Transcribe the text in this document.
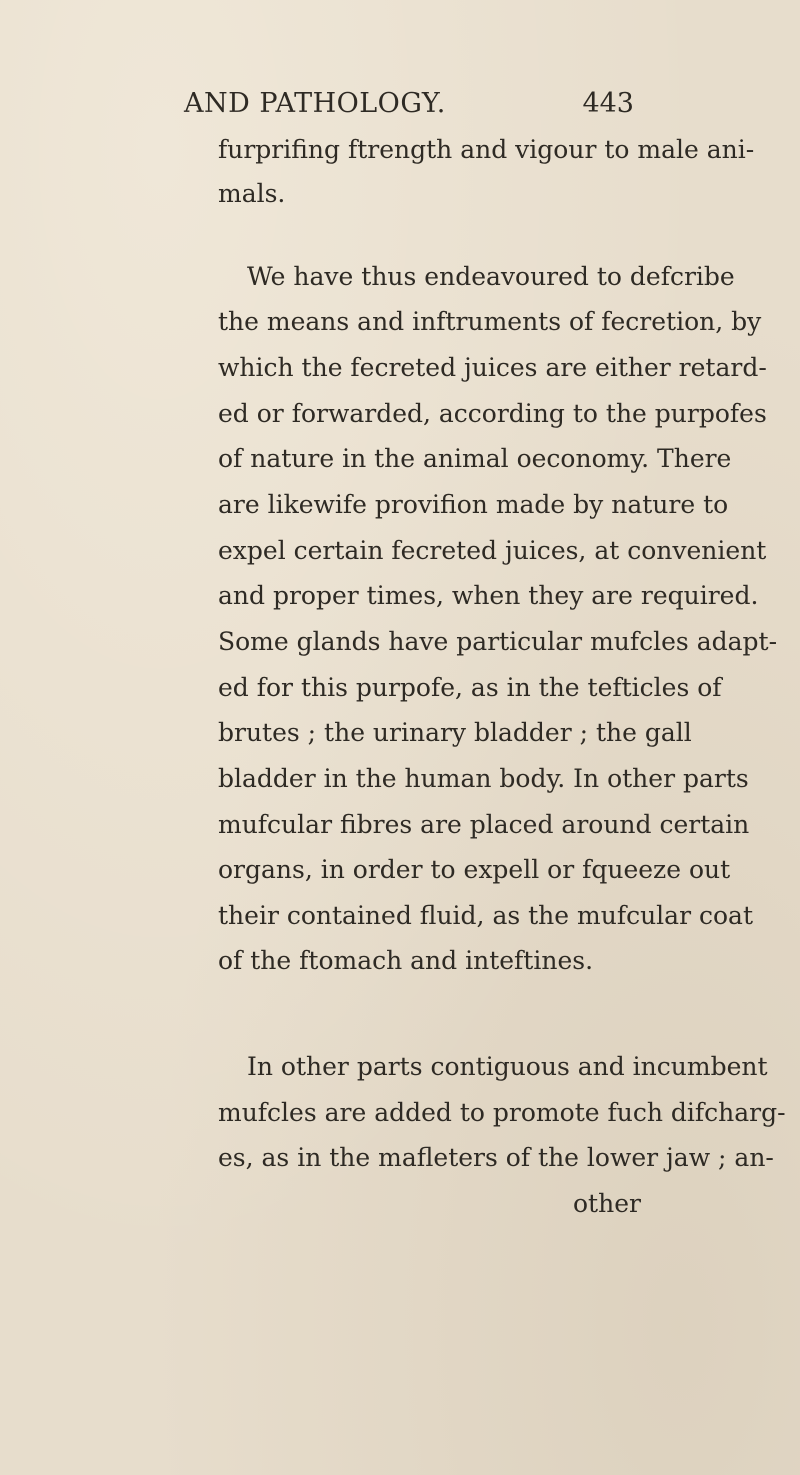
AND PATHOLOGY.	443
furprifing ftrength and vigour to male ani-
mals.
We have thus endeavoured to defcribe
the means and inftruments of fecretion, by
which the fecreted juices are either retard-
ed or forwarded, according to the purpofes
of nature in the animal oeconomy. There
are likewife provifion made by nature to
expel certain fecreted juices, at convenient
and proper times, when they are required.
Some glands have particular mufcles adapt-
ed for this purpofe, as in the tefticles of
brutes ; the urinary bladder ; the gall
bladder in the human body. In other parts
mufcular fibres are placed around certain
organs, in order to expell or fqueeze out
their contained fluid, as the mufcular coat
of the ftomach and inteftines.
In other parts contiguous and incumbent
mufcles are added to promote fuch difcharg-
es, as in the mafleters of the lower jaw ; an-
other
